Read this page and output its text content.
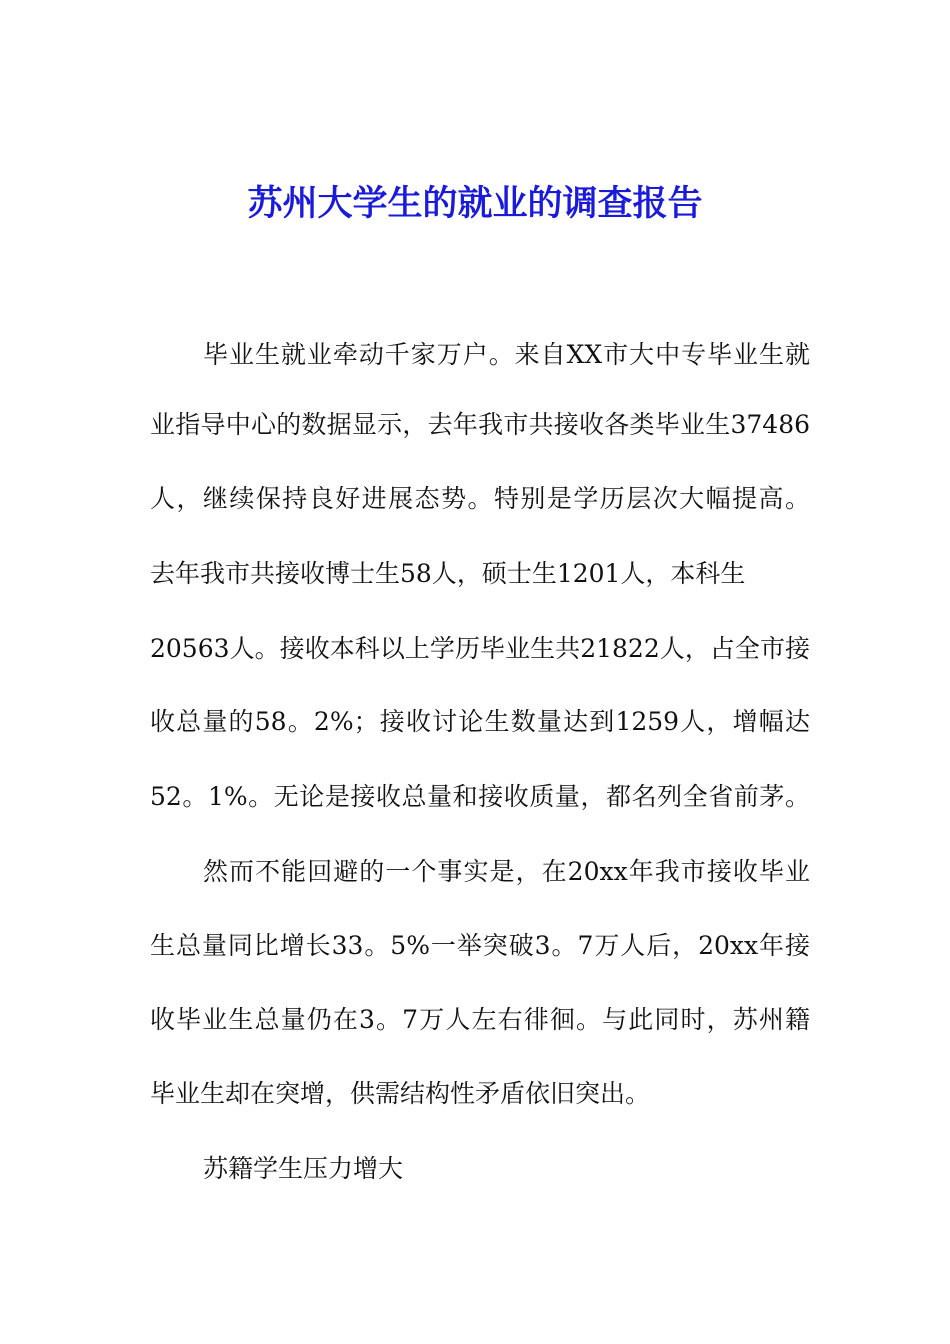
苏州大学生的就业的调查报告
毕业生就业牵动千家万户。来自XX市大中专毕业生就
业指导中心的数据显示，去年我市共接收各类毕业生37486
人，继续保持良好进展态势。特别是学历层次大幅提高。
去年我市共接收博士生58人，硕士生1201人，本科生
20563人。接收本科以上学历毕业生共21822人，占全市接
收总量的58。2%；接收讨论生数量达到1259人，增幅达
52。1%。无论是接收总量和接收质量，都名列全省前茅。
然而不能回避的一个事实是，在20xx年我市接收毕业
生总量同比增长33。5%一举突破3。7万人后，20xx年接
收毕业生总量仍在3。7万人左右徘徊。与此同时，苏州籍
毕业生却在突增，供需结构性矛盾依旧突出。
苏籍学生压力增大
